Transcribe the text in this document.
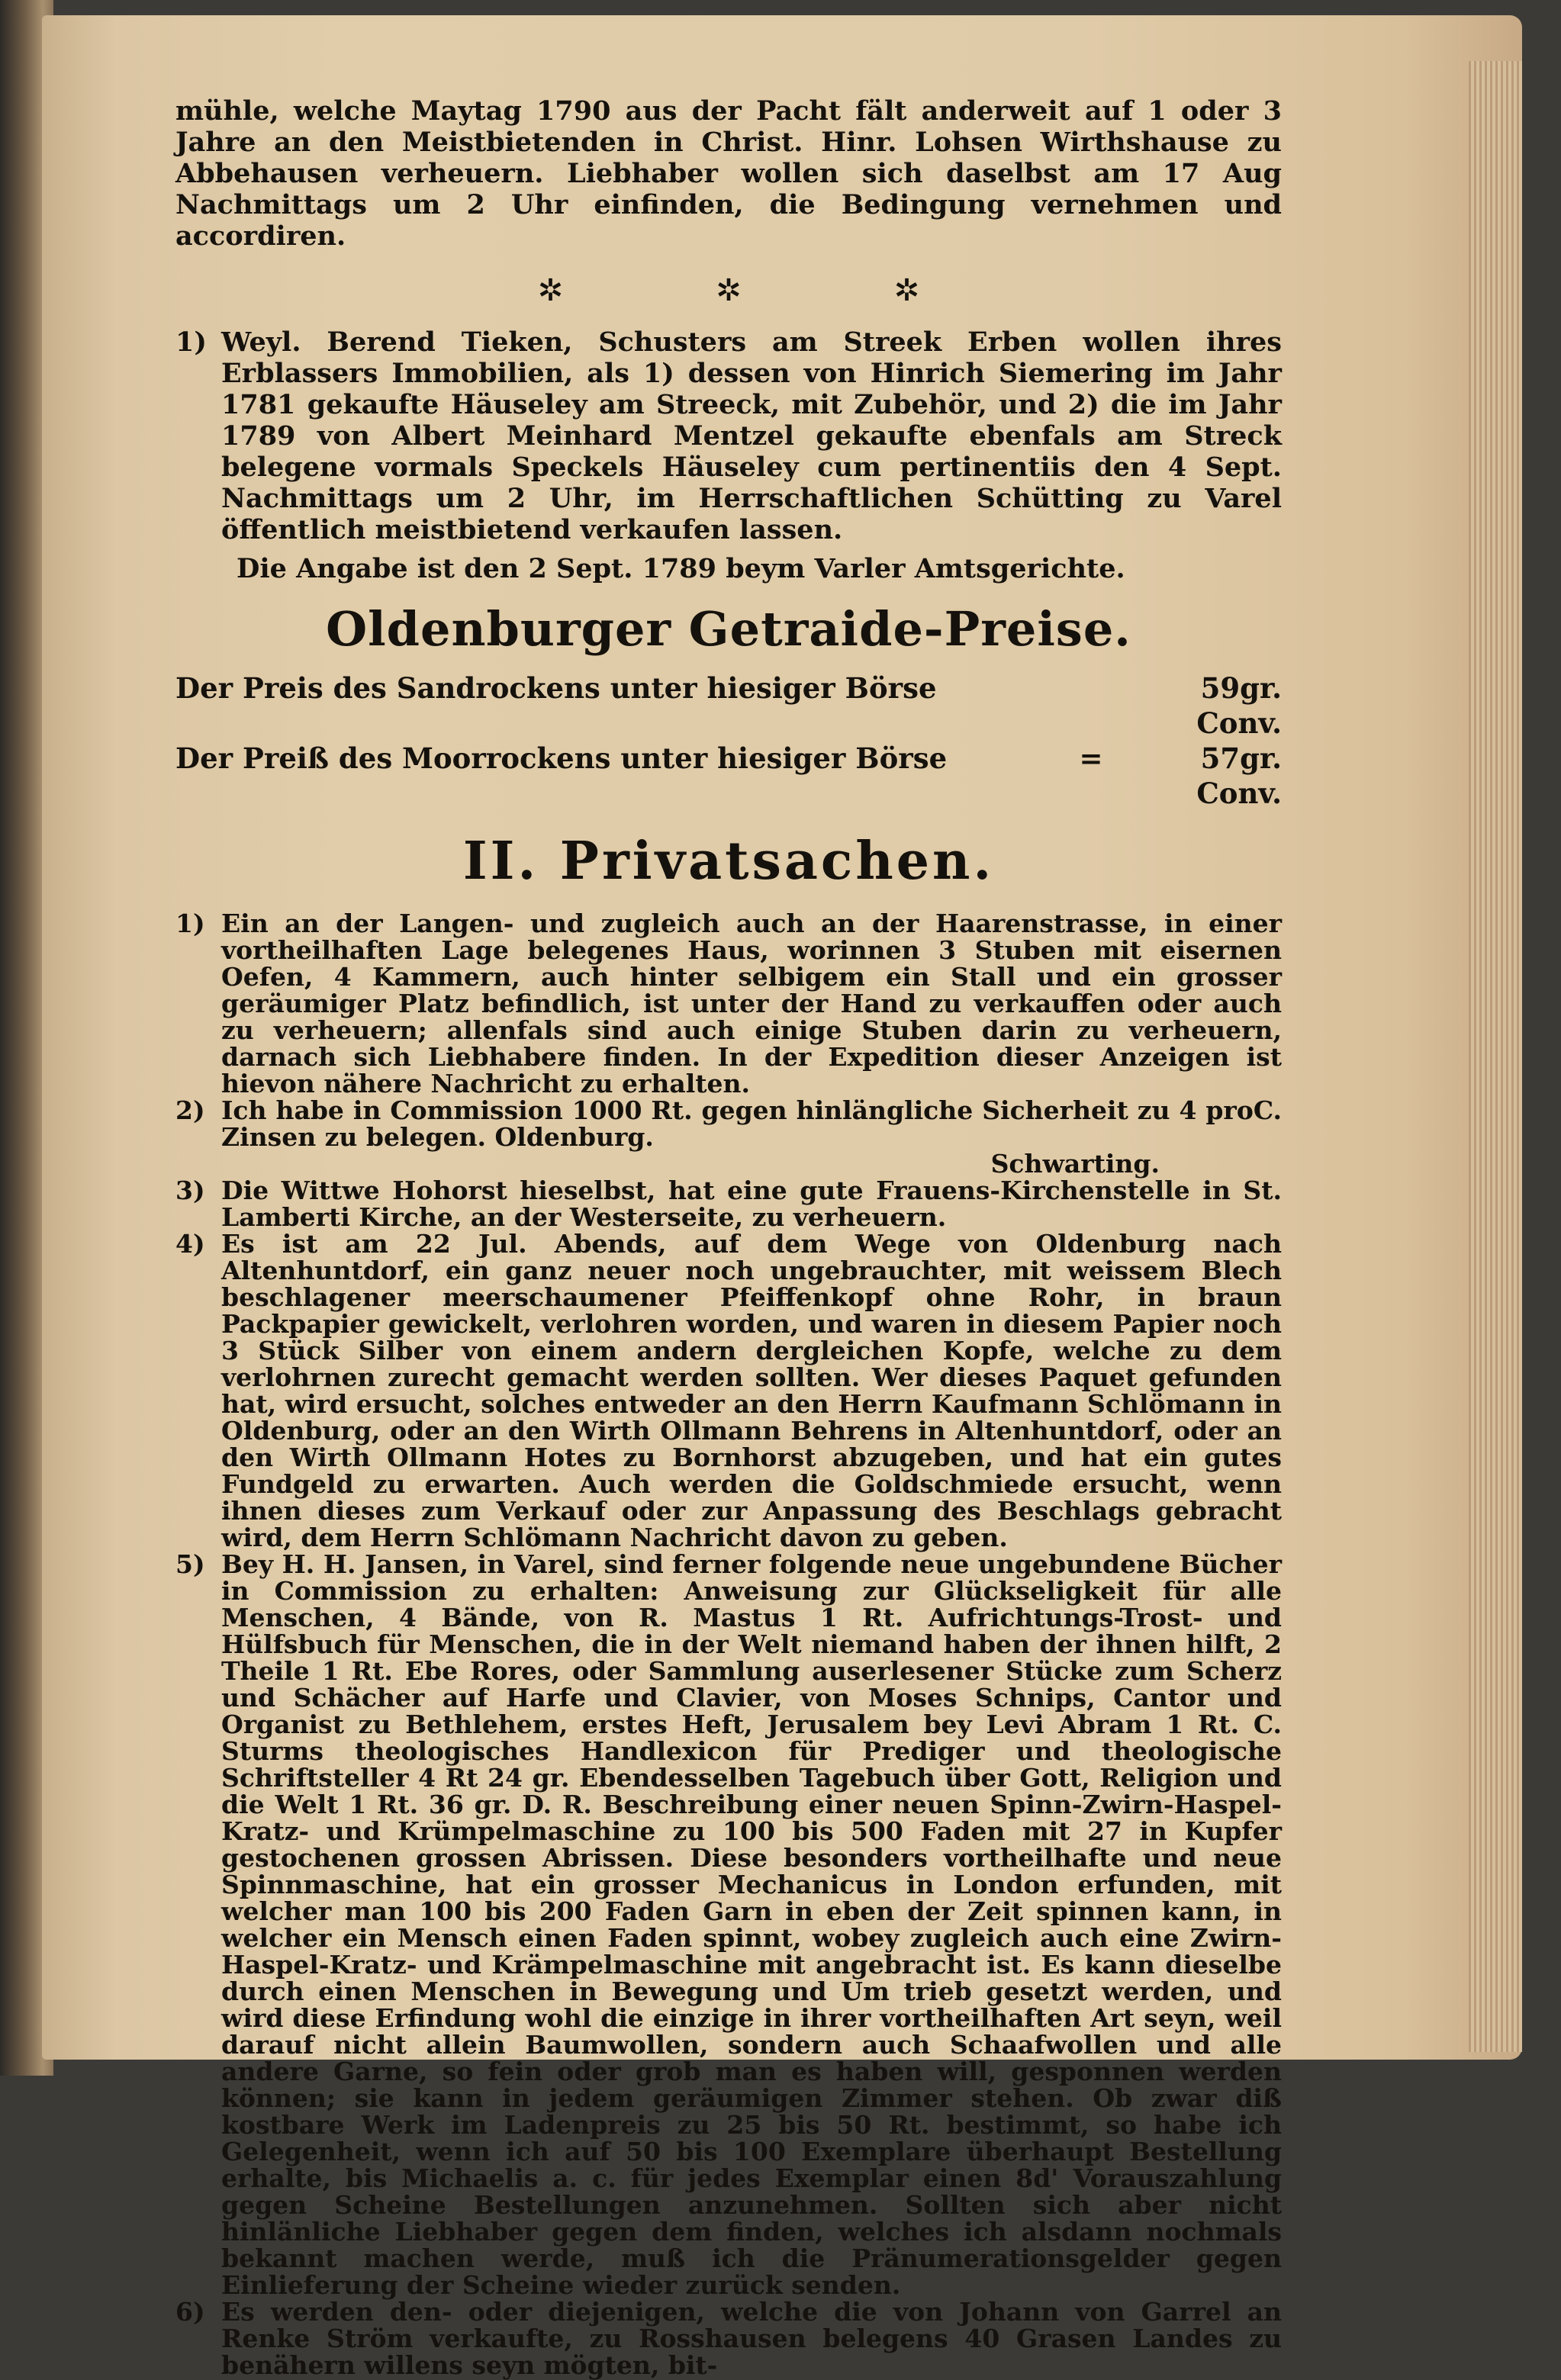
mühle, welche Maytag 1790 aus der Pacht fält anderweit auf 1 oder 3 Jahre an den Meistbietenden in Christ. Hinr. Lohsen Wirthshause zu Abbehausen verheuern. Liebhaber wollen sich daselbst am 17 Aug Nachmittags um 2 Uhr einfinden, die Bedingung vernehmen und accordiren.

✲	✲	✲
1) Weyl. Berend Tieken, Schusters am Streek Erben wollen ihres Erblassers Immobilien, als 1) dessen von Hinrich Siemering im Jahr 1781 gekaufte Häuseley am Streeck, mit Zubehör, und 2) die im Jahr 1789 von Albert Meinhard Mentzel gekaufte ebenfals am Streck belegene vormals Speckels Häuseley cum pertinentiis den 4 Sept. Nachmittags um 2 Uhr, im Herrschaftlichen Schütting zu Varel öffentlich meistbietend verkaufen lassen.

Die Angabe ist den 2 Sept. 1789 beym Varler Amtsgerichte.

Oldenburger Getraide-Preise.
Der Preis des Sandrockens unter hiesiger Börse	59gr. Conv.
Der Preiß des Moorrockens unter hiesiger Börse	=	57gr. Conv.
II. Privatsachen.
1) Ein an der Langen- und zugleich auch an der Haarenstrasse, in einer vortheilhaften Lage belegenes Haus, worinnen 3 Stuben mit eisernen Oefen, 4 Kammern, auch hinter selbigem ein Stall und ein grosser geräumiger Platz befindlich, ist unter der Hand zu verkauffen oder auch zu verheuern; allenfals sind auch einige Stuben darin zu verheuern, darnach sich Liebhabere finden. In der Expedition dieser Anzeigen ist hievon nähere Nachricht zu erhalten.

2) Ich habe in Commission 1000 Rt. gegen hinlängliche Sicherheit zu 4 proC. Zinsen zu belegen. Oldenburg.

Schwarting.

3) Die Wittwe Hohorst hieselbst, hat eine gute Frauens-Kirchenstelle in St. Lamberti Kirche, an der Westerseite, zu verheuern.

4) Es ist am 22 Jul. Abends, auf dem Wege von Oldenburg nach Altenhuntdorf, ein ganz neuer noch ungebrauchter, mit weissem Blech beschlagener meerschaumener Pfeiffenkopf ohne Rohr, in braun Packpapier gewickelt, verlohren worden, und waren in diesem Papier noch 3 Stück Silber von einem andern dergleichen Kopfe, welche zu dem verlohrnen zurecht gemacht werden sollten. Wer dieses Paquet gefunden hat, wird ersucht, solches entweder an den Herrn Kaufmann Schlömann in Oldenburg, oder an den Wirth Ollmann Behrens in Altenhuntdorf, oder an den Wirth Ollmann Hotes zu Bornhorst abzugeben, und hat ein gutes Fundgeld zu erwarten. Auch werden die Goldschmiede ersucht, wenn ihnen dieses zum Verkauf oder zur Anpassung des Beschlags gebracht wird, dem Herrn Schlömann Nachricht davon zu geben.

5) Bey H. H. Jansen, in Varel, sind ferner folgende neue ungebundene Bücher in Commission zu erhalten: Anweisung zur Glückseligkeit für alle Menschen, 4 Bände, von R. Mastus 1 Rt. Aufrichtungs-Trost- und Hülfsbuch für Menschen, die in der Welt niemand haben der ihnen hilft, 2 Theile 1 Rt. Ebe Rores, oder Sammlung auserlesener Stücke zum Scherz und Schächer auf Harfe und Clavier, von Moses Schnips, Cantor und Organist zu Bethlehem, erstes Heft, Jerusalem bey Levi Abram 1 Rt. C. Sturms theologisches Handlexicon für Prediger und theologische Schriftsteller 4 Rt 24 gr. Ebendesselben Tagebuch über Gott, Religion und die Welt 1 Rt. 36 gr. D. R. Beschreibung einer neuen Spinn-Zwirn-Haspel-Kratz- und Krümpelmaschine zu 100 bis 500 Faden mit 27 in Kupfer gestochenen grossen Abrissen. Diese besonders vortheilhafte und neue Spinnmaschine, hat ein grosser Mechanicus in London erfunden, mit welcher man 100 bis 200 Faden Garn in eben der Zeit spinnen kann, in welcher ein Mensch einen Faden spinnt, wobey zugleich auch eine Zwirn-Haspel-Kratz- und Krämpelmaschine mit angebracht ist. Es kann dieselbe durch einen Menschen in Bewegung und Um trieb gesetzt werden, und wird diese Erfindung wohl die einzige in ihrer vortheilhaften Art seyn, weil darauf nicht allein Baumwollen, sondern auch Schaafwollen und alle andere Garne, so fein oder grob man es haben will, gesponnen werden können; sie kann in jedem geräumigen Zimmer stehen. Ob zwar diß kostbare Werk im Ladenpreis zu 25 bis 50 Rt. bestimmt, so habe ich Gelegenheit, wenn ich auf 50 bis 100 Exemplare überhaupt Bestellung erhalte, bis Michaelis a. c. für jedes Exemplar einen 8d' Vorauszahlung gegen Scheine Bestellungen anzunehmen. Sollten sich aber nicht hinlänliche Liebhaber gegen dem finden, welches ich alsdann nochmals bekannt machen werde, muß ich die Pränumerationsgelder gegen Einlieferung der Scheine wieder zurück senden.

6) Es werden den- oder diejenigen, welche die von Johann von Garrel an Renke Ström verkaufte, zu Rosshausen belegens 40 Grasen Landes zu benähern willens seyn mögten, bit-
